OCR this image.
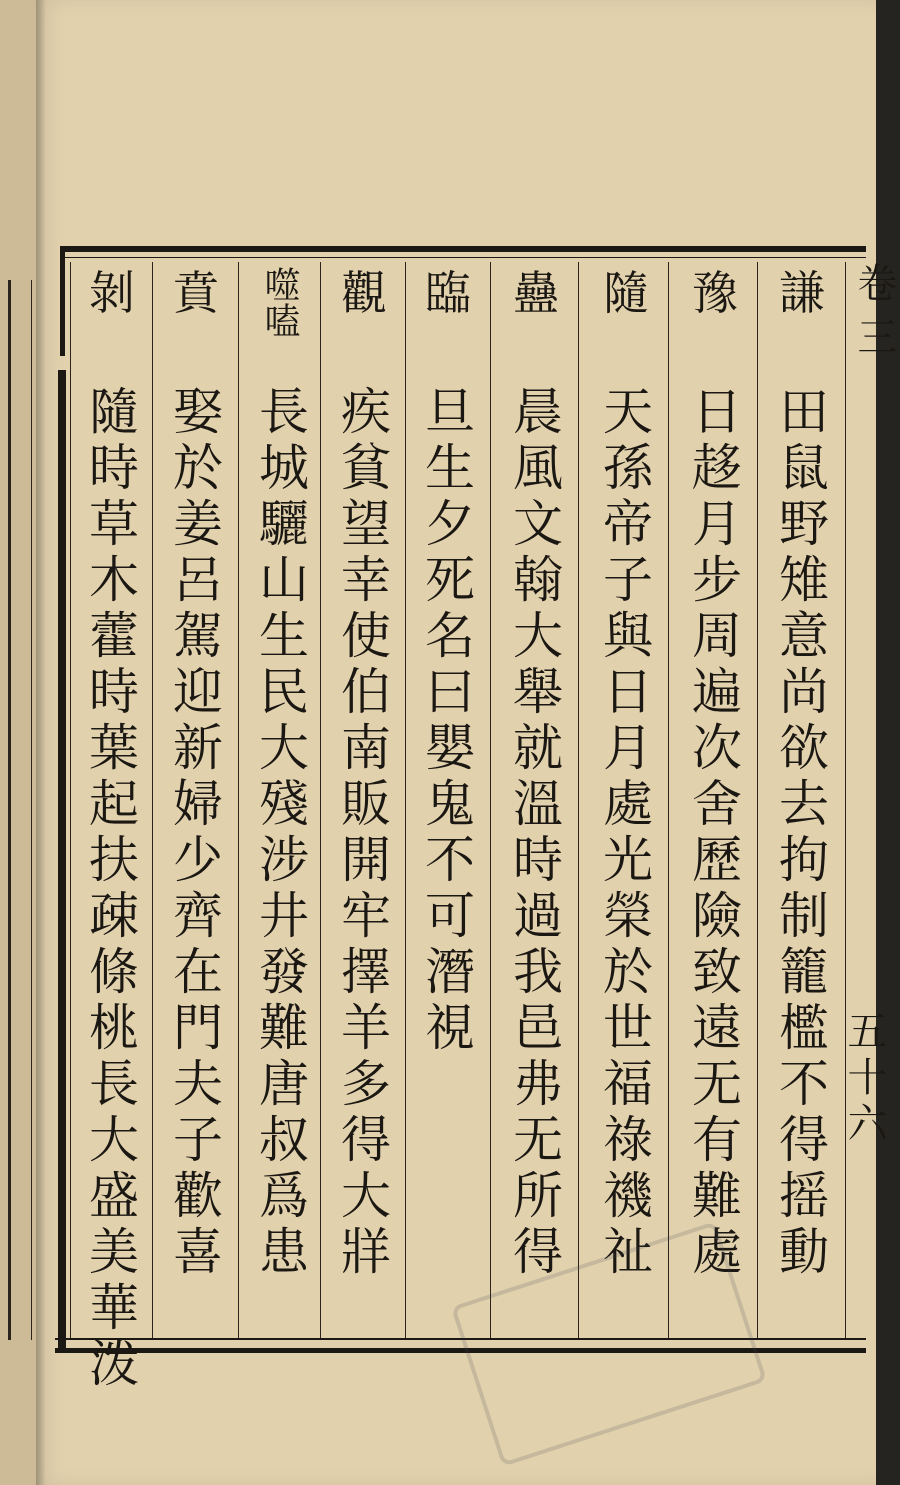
卷三
五十六
謙
田鼠野雉意尚欲去拘制籠檻不得摇動
豫
日趍月步周遍次舍歷險致遠无有難處
隨
天孫帝子與日月處光榮於世福祿禨祉
蠱
晨風文翰大舉就溫時過我邑弗无所得
臨
旦生夕死名曰嬰鬼不可潛視
觀
疾貧望幸使伯南販開牢擇羊多得大牂
噬嗑
長城驪山生民大殘涉井發難唐叔爲患
賁
娶於姜呂駕迎新婦少齊在門夫子歡喜
剝
隨時草木藿時葉起扶疎條桃長大盛美華泼
